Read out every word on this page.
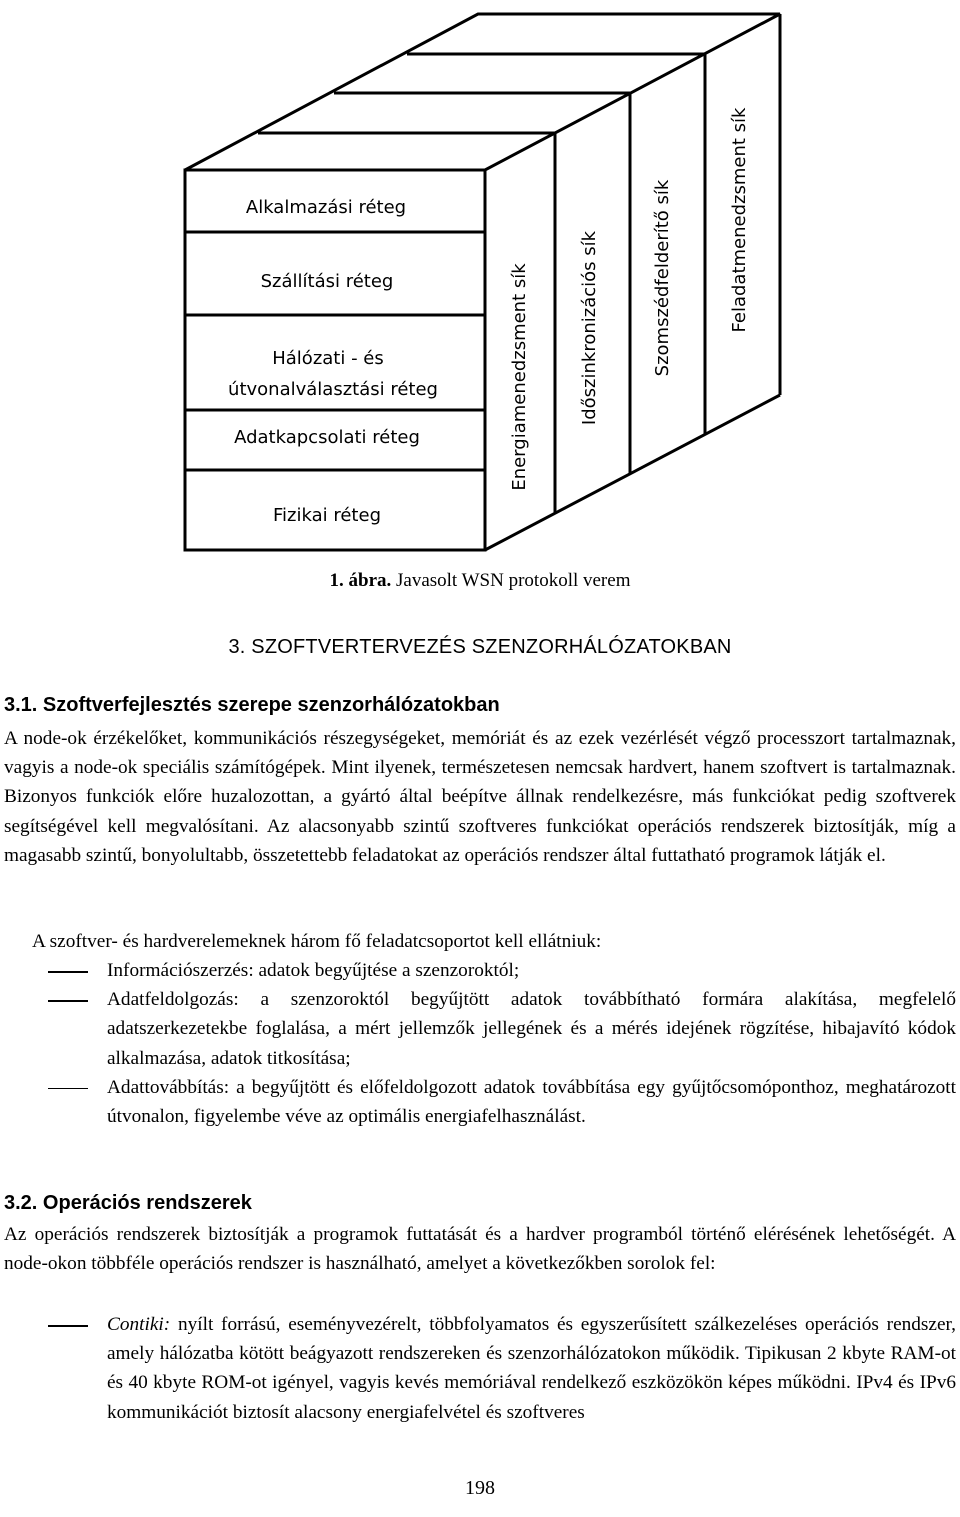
Alkalmazási réteg
Szállítási réteg
Hálózati - és
útvonalválasztási réteg
Adatkapcsolati réteg
Fizikai réteg
Energiamenedzsment sík	Időszinkronizációs sík	Szomszédfelderítő sík	Feladatmenedzsment sík
1. ábra. Javasolt WSN protokoll verem
3. SZOFTVERTERVEZÉS SZENZORHÁLÓZATOKBAN
3.1. Szoftverfejlesztés szerepe szenzorhálózatokban
A node-ok érzékelőket, kommunikációs részegységeket, memóriát és az ezek vezérlését végző processzort tartalmaznak, vagyis a node-ok speciális számítógépek. Mint ilyenek, természetesen nemcsak hardvert, hanem szoftvert is tartalmaznak. Bizonyos funkciók előre huzalozottan, a gyártó által beépítve állnak rendelkezésre, más funkciókat pedig szoftverek segítségével kell megvalósítani. Az alacsonyabb szintű szoftveres funkciókat operációs rendszerek biztosítják, míg a magasabb szintű, bonyolultabb, összetettebb feladatokat az operációs rendszer által futtatható programok látják el.
A szoftver- és hardverelemeknek három fő feladatcsoportot kell ellátniuk:

Információszerzés: adatok begyűjtése a szenzoroktól;

Adatfeldolgozás: a szenzoroktól begyűjtött adatok továbbítható formára alakítása, megfelelő adatszerkezetekbe foglalása, a mért jellemzők jellegének és a mérés idejének rögzítése, hibajavító kódok alkalmazása, adatok titkosítása;

Adattovábbítás: a begyűjtött és előfeldolgozott adatok továbbítása egy gyűjtőcsomóponthoz, meghatározott útvonalon, figyelembe véve az optimális energiafelhasználást.

3.2. Operációs rendszerek
Az operációs rendszerek biztosítják a programok futtatását és a hardver programból történő elérésének lehetőségét. A node-okon többféle operációs rendszer is használható, amelyet a következőkben sorolok fel:

Contiki: nyílt forrású, eseményvezérelt, többfolyamatos és egyszerűsített szálkezeléses operációs rendszer, amely hálózatba kötött beágyazott rendszereken és szenzorhálózatokon működik. Tipikusan 2 kbyte RAM-ot és 40 kbyte ROM-ot igényel, vagyis kevés memóriával rendelkező eszközökön képes működni. IPv4 és IPv6 kommunikációt biztosít alacsony energiafelvétel és szoftveres

198
